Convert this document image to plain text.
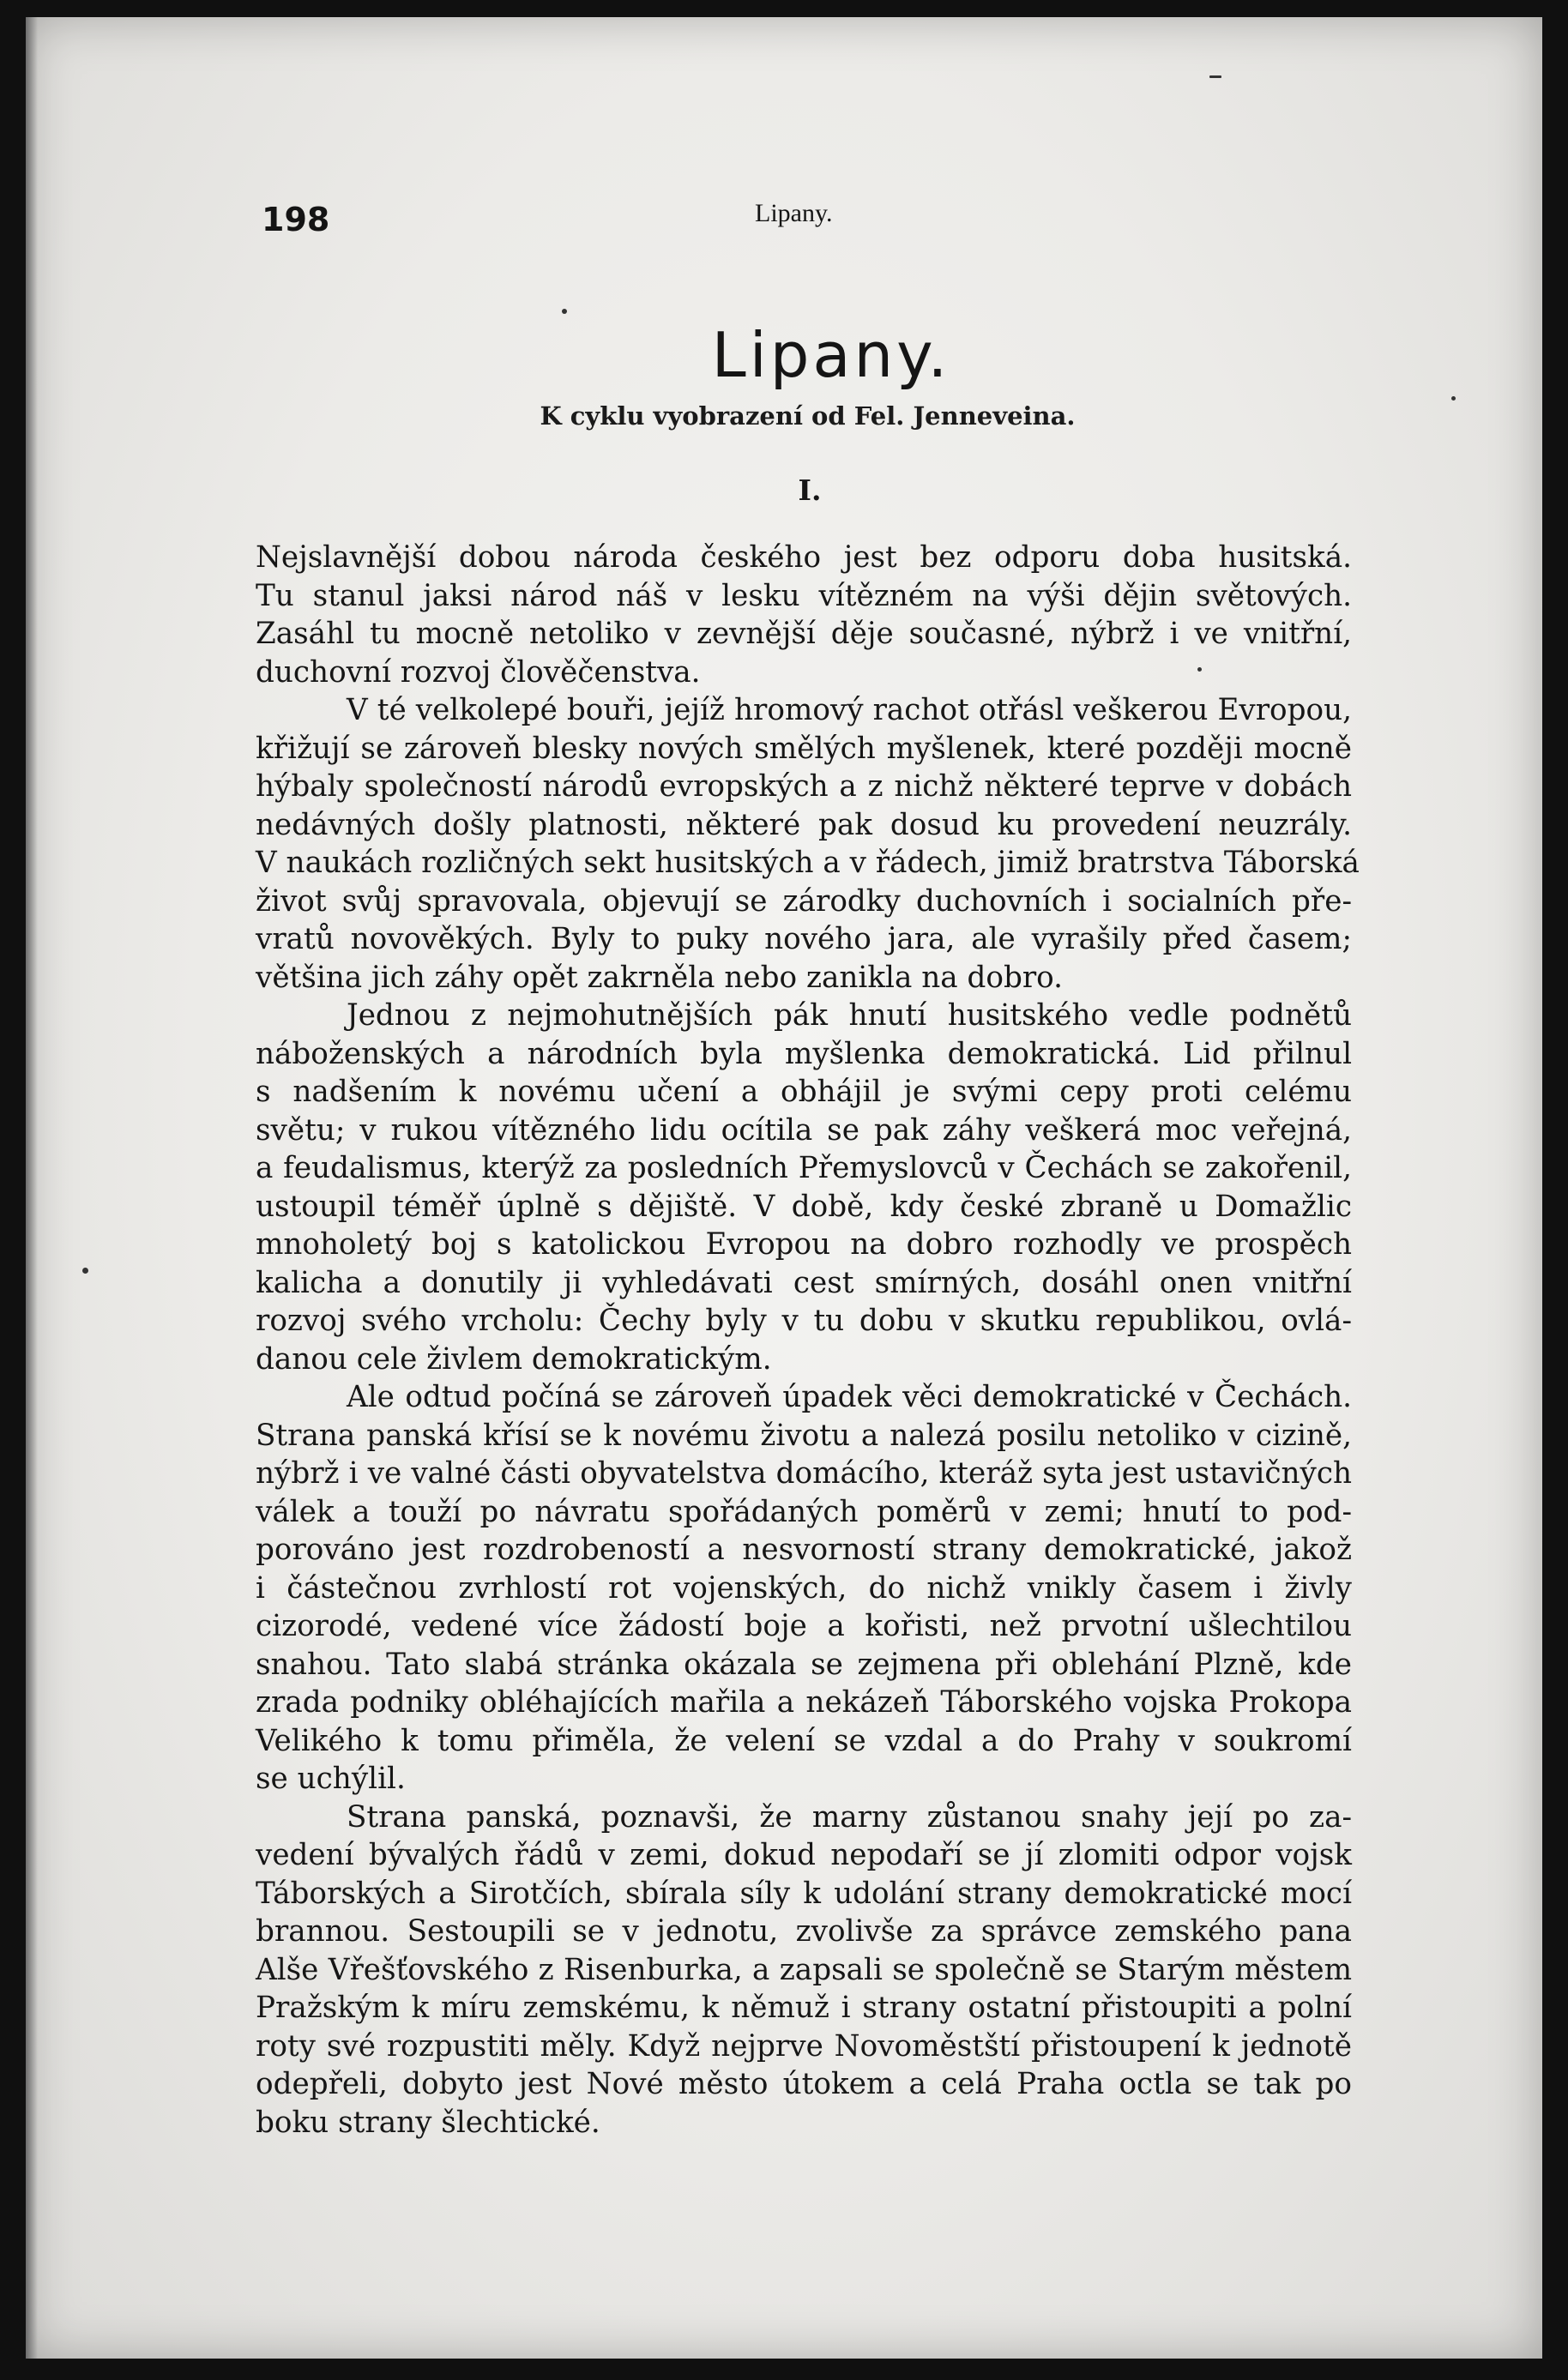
198	Lipany.
Lipany.
K cyklu vyobrazení od Fel. Jenneveina.
I.
Nejslavnější dobou národa českého jest bez odporu doba husitská.
Tu stanul jaksi národ náš v lesku vítězném na výši dějin světových.
Zasáhl tu mocně netoliko v zevnější děje současné, nýbrž i ve vnitřní,
duchovní rozvoj člověčenstva.
V té velkolepé bouři, jejíž hromový rachot otřásl veškerou Evropou,
křižují se zároveň blesky nových smělých myšlenek, které později mocně
hýbaly společností národů evropských a z nichž některé teprve v dobách
nedávných došly platnosti, některé pak dosud ku provedení neuzrály.
V naukách rozličných sekt husitských a v řádech, jimiž bratrstva Táborská
život svůj spravovala, objevují se zárodky duchovních i socialních pře-
vratů novověkých. Byly to puky nového jara, ale vyrašily před časem;
většina jich záhy opět zakrněla nebo zanikla na dobro.
Jednou z nejmohutnějších pák hnutí husitského vedle podnětů
náboženských a národních byla myšlenka demokratická. Lid přilnul
s nadšením k novému učení a obhájil je svými cepy proti celému
světu; v rukou vítězného lidu ocítila se pak záhy veškerá moc veřejná,
a feudalismus, kterýž za posledních Přemyslovců v Čechách se zakořenil,
ustoupil téměř úplně s dějiště. V době, kdy české zbraně u Domažlic
mnoholetý boj s katolickou Evropou na dobro rozhodly ve prospěch
kalicha a donutily ji vyhledávati cest smírných, dosáhl onen vnitřní
rozvoj svého vrcholu: Čechy byly v tu dobu v skutku republikou, ovlá-
danou cele živlem demokratickým.
Ale odtud počíná se zároveň úpadek věci demokratické v Čechách.
Strana panská křísí se k novému životu a nalezá posilu netoliko v cizině,
nýbrž i ve valné části obyvatelstva domácího, kteráž syta jest ustavičných
válek a touží po návratu spořádaných poměrů v zemi; hnutí to pod-
porováno jest rozdrobeností a nesvorností strany demokratické, jakož
i částečnou zvrhlostí rot vojenských, do nichž vnikly časem i živly
cizorodé, vedené více žádostí boje a kořisti, než prvotní ušlechtilou
snahou. Tato slabá stránka okázala se zejmena při oblehání Plzně, kde
zrada podniky obléhajících mařila a nekázeň Táborského vojska Prokopa
Velikého k tomu přiměla, že velení se vzdal a do Prahy v soukromí
se uchýlil.
Strana panská, poznavši, že marny zůstanou snahy její po za-
vedení bývalých řádů v zemi, dokud nepodaří se jí zlomiti odpor vojsk
Táborských a Sirotčích, sbírala síly k udolání strany demokratické mocí
brannou. Sestoupili se v jednotu, zvolivše za správce zemského pana
Alše Vřešťovského z Risenburka, a zapsali se společně se Starým městem
Pražským k míru zemskému, k němuž i strany ostatní přistoupiti a polní
roty své rozpustiti měly. Když nejprve Novoměstští přistoupení k jednotě
odepřeli, dobyto jest Nové město útokem a celá Praha octla se tak po
boku strany šlechtické.
